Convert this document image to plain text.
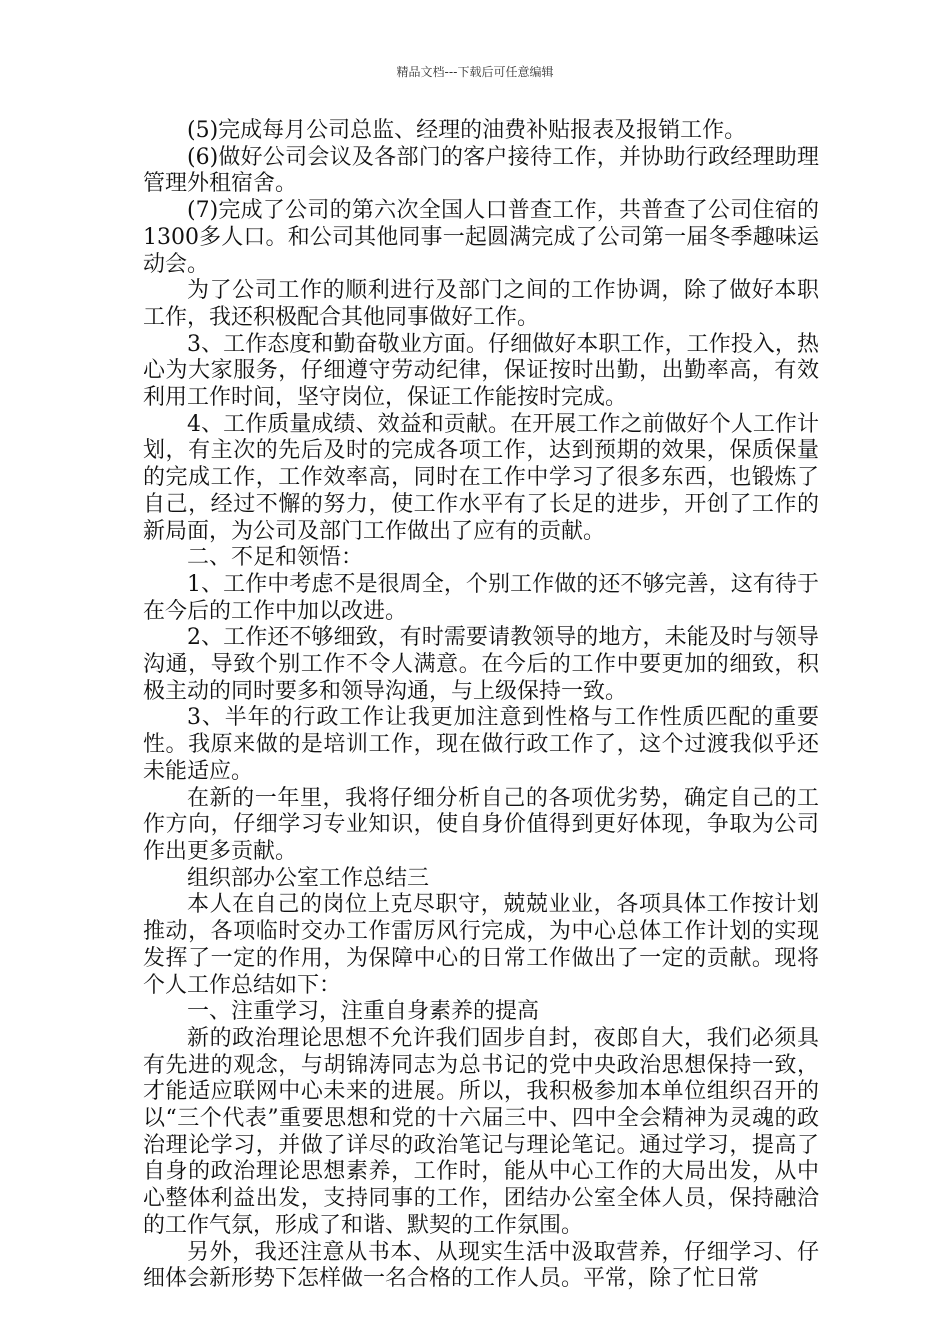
精品文档---下载后可任意编辑

(5)完成每月公司总监、经理的油费补贴报表及报销工作。

(6)做好公司会议及各部门的客户接待工作，并协助行政经理助理管理外租宿舍。

(7)完成了公司的第六次全国人口普查工作，共普查了公司住宿的1300多人口。和公司其他同事一起圆满完成了公司第一届冬季趣味运动会。

为了公司工作的顺利进行及部门之间的工作协调，除了做好本职工作，我还积极配合其他同事做好工作。

3、工作态度和勤奋敬业方面。仔细做好本职工作，工作投入，热心为大家服务，仔细遵守劳动纪律，保证按时出勤，出勤率高，有效利用工作时间，坚守岗位，保证工作能按时完成。

4、工作质量成绩、效益和贡献。在开展工作之前做好个人工作计划，有主次的先后及时的完成各项工作，达到预期的效果，保质保量的完成工作，工作效率高，同时在工作中学习了很多东西，也锻炼了自己，经过不懈的努力，使工作水平有了长足的进步，开创了工作的新局面，为公司及部门工作做出了应有的贡献。

二、不足和领悟：

1、工作中考虑不是很周全，个别工作做的还不够完善，这有待于在今后的工作中加以改进。

2、工作还不够细致，有时需要请教领导的地方，未能及时与领导沟通，导致个别工作不令人满意。在今后的工作中要更加的细致，积极主动的同时要多和领导沟通，与上级保持一致。

3、半年的行政工作让我更加注意到性格与工作性质匹配的重要性。我原来做的是培训工作，现在做行政工作了，这个过渡我似乎还未能适应。

在新的一年里，我将仔细分析自己的各项优劣势，确定自己的工作方向，仔细学习专业知识，使自身价值得到更好体现，争取为公司作出更多贡献。

组织部办公室工作总结三

本人在自己的岗位上克尽职守，兢兢业业，各项具体工作按计划推动，各项临时交办工作雷厉风行完成，为中心总体工作计划的实现发挥了一定的作用，为保障中心的日常工作做出了一定的贡献。现将个人工作总结如下：

一、注重学习，注重自身素养的提高

新的政治理论思想不允许我们固步自封，夜郎自大，我们必须具有先进的观念，与胡锦涛同志为总书记的党中央政治思想保持一致，才能适应联网中心未来的进展。所以，我积极参加本单位组织召开的以“三个代表”重要思想和党的十六届三中、四中全会精神为灵魂的政治理论学习，并做了详尽的政治笔记与理论笔记。通过学习，提高了自身的政治理论思想素养，工作时，能从中心工作的大局出发，从中心整体利益出发，支持同事的工作，团结办公室全体人员，保持融洽的工作气氛，形成了和谐、默契的工作氛围。

另外，我还注意从书本、从现实生活中汲取营养，仔细学习、仔细体会新形势下怎样做一名合格的工作人员。平常，除了忙日常
